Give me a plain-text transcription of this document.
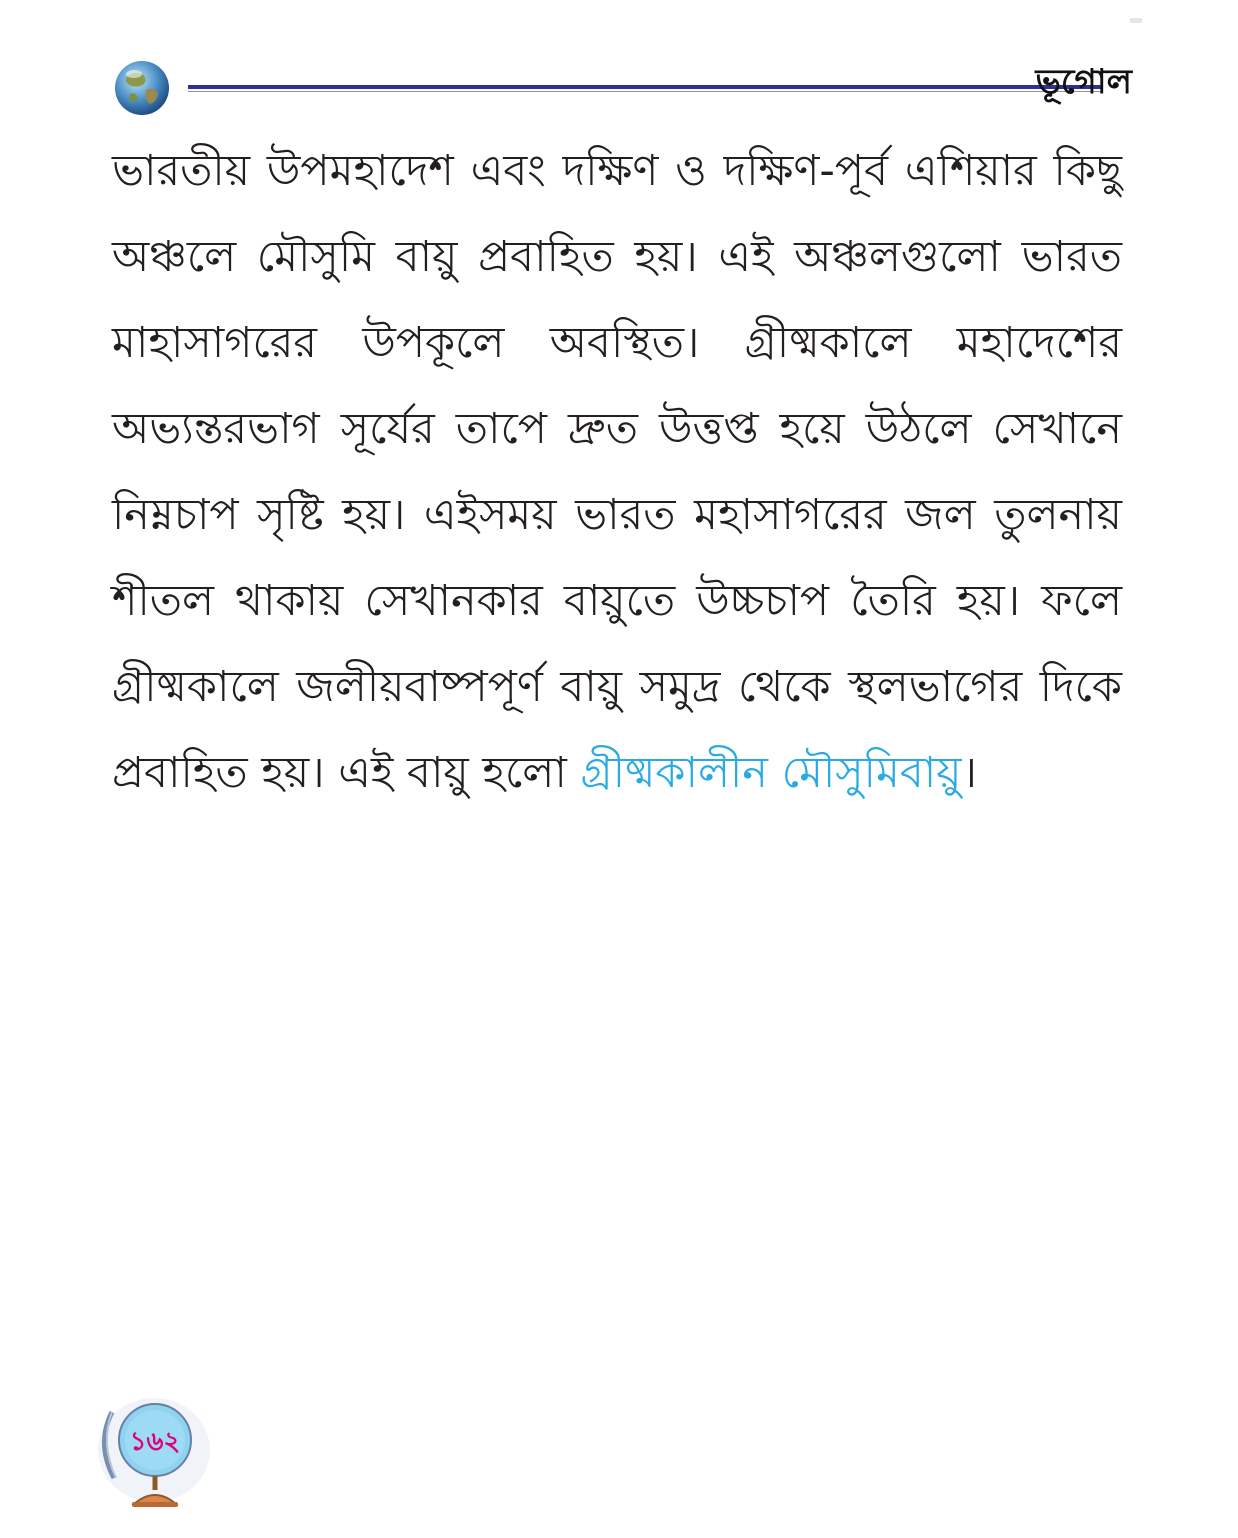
ভূগোল

ভারতীয় উপমহাদেশ এবং দক্ষিণ ও দক্ষিণ-পূর্ব এশিয়ার কিছু অঞ্চলে মৌসুমি বায়ু প্রবাহিত হয়। এই অঞ্চলগুলো ভারত মাহাসাগরের উপকূলে অবস্থিত। গ্রীষ্মকালে মহাদেশের অভ্যন্তরভাগ সূর্যের তাপে দ্রুত উত্তপ্ত হয়ে উঠলে সেখানে নিম্নচাপ সৃষ্টি হয়। এইসময় ভারত মহাসাগরের জল তুলনায় শীতল থাকায় সেখানকার বায়ুতে উচ্চচাপ তৈরি হয়। ফলে গ্রীষ্মকালে জলীয়বাষ্পপূর্ণ বায়ু সমুদ্র থেকে স্থলভাগের দিকে প্রবাহিত হয়। এই বায়ু হলো গ্রীষ্মকালীন মৌসুমিবায়ু।

১৬২
